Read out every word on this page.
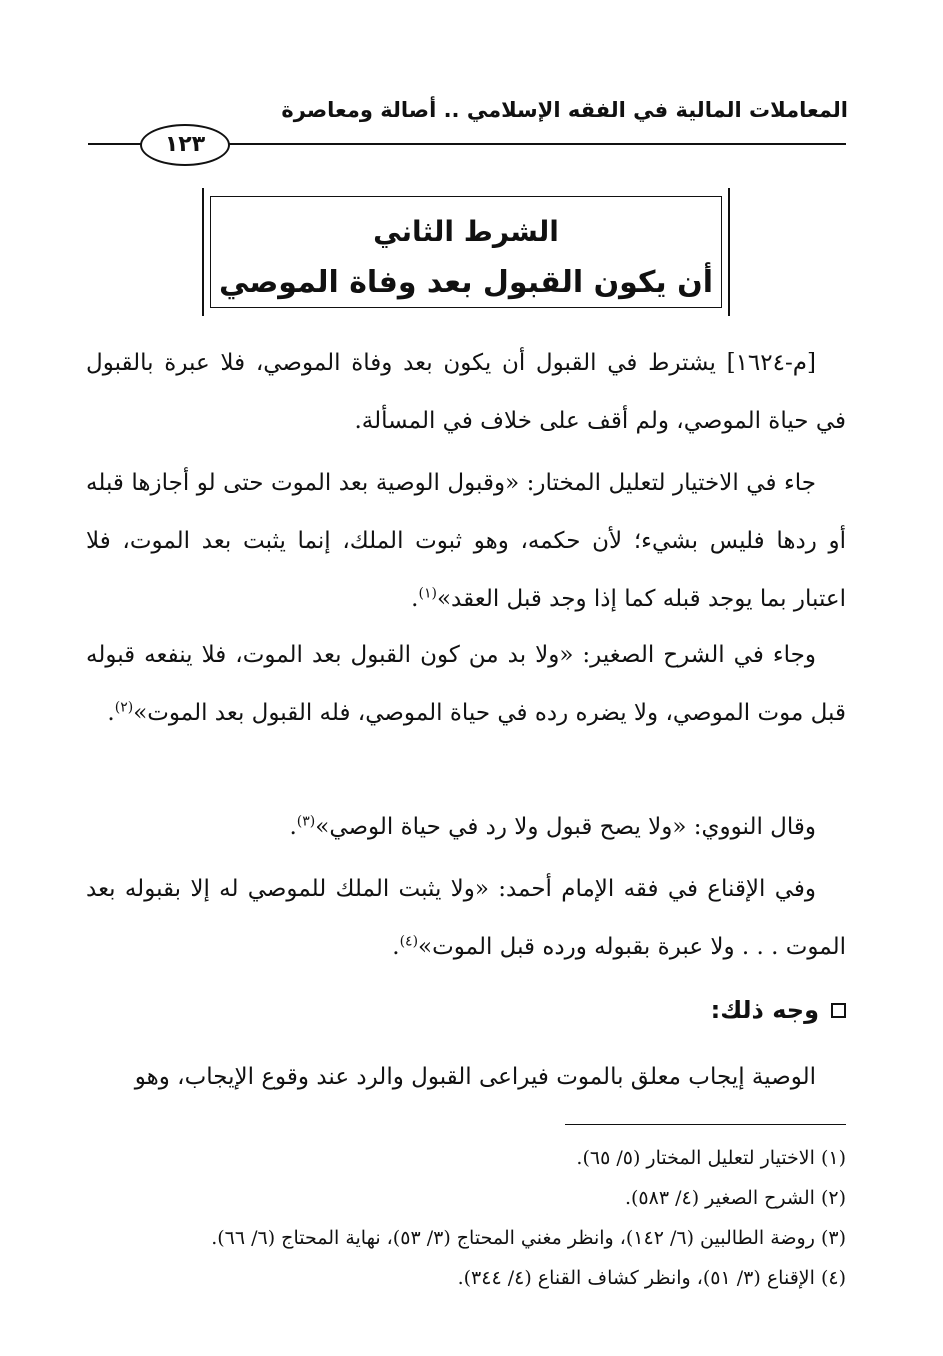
المعاملات المالية في الفقه الإسلامي .. أصالة ومعاصرة
١٢٣
الشرط الثاني
أن يكون القبول بعد وفاة الموصي
[م-١٦٢٤] يشترط في القبول أن يكون بعد وفاة الموصي، فلا عبرة بالقبول في حياة الموصي، ولم أقف على خلاف في المسألة.
جاء في الاختيار لتعليل المختار: «وقبول الوصية بعد الموت حتى لو أجازها قبله أو ردها فليس بشيء؛ لأن حكمه، وهو ثبوت الملك، إنما يثبت بعد الموت، فلا اعتبار بما يوجد قبله كما إذا وجد قبل العقد»$^{(١)}$.
وجاء في الشرح الصغير: «ولا بد من كون القبول بعد الموت، فلا ينفعه قبوله قبل موت الموصي، ولا يضره رده في حياة الموصي، فله القبول بعد الموت»$^{(٢)}$.
وقال النووي: «ولا يصح قبول ولا رد في حياة الوصي»$^{(٣)}$.
وفي الإقناع في فقه الإمام أحمد: «ولا يثبت الملك للموصي له إلا بقبوله بعد الموت . . . ولا عبرة بقبوله ورده قبل الموت»$^{(٤)}$.
وجه ذلك:
الوصية إيجاب معلق بالموت فيراعى القبول والرد عند وقوع الإيجاب، وهو
(١) الاختيار لتعليل المختار (٥/ ٦٥).
(٢) الشرح الصغير (٤/ ٥٨٣).
(٣) روضة الطالبين (٦/ ١٤٢)، وانظر مغني المحتاج (٣/ ٥٣)، نهاية المحتاج (٦/ ٦٦).
(٤) الإقناع (٣/ ٥١)، وانظر كشاف القناع (٤/ ٣٤٤).
